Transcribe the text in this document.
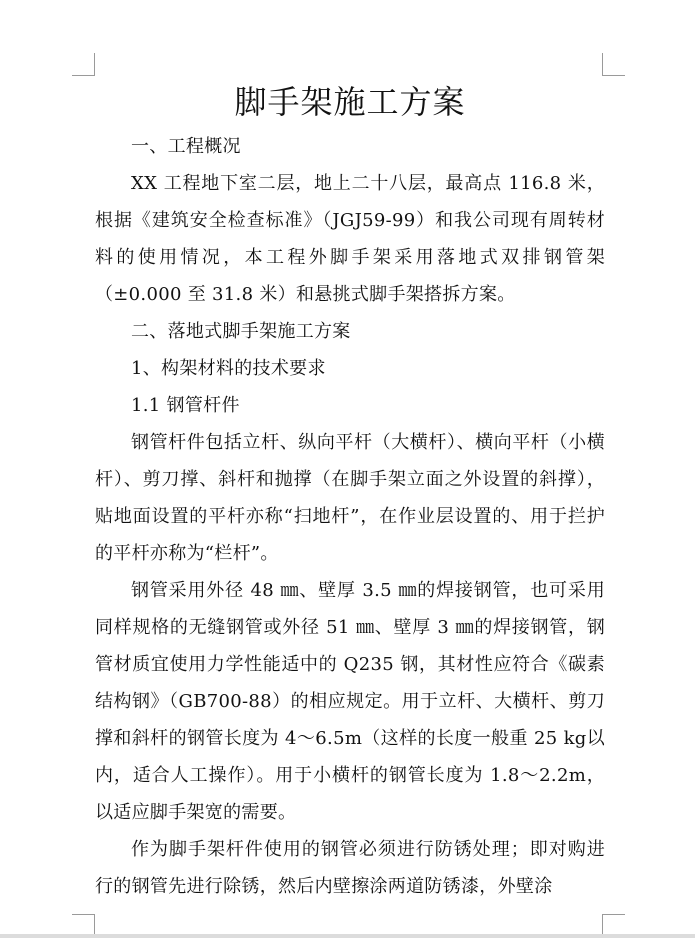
脚手架施工方案

一、工程概况

XX 工程地下室二层，地上二十八层，最高点 116.8 米，根据《建筑安全检查标准》（JGJ59-99）和我公司现有周转材料的使用情况，本工程外脚手架采用落地式双排钢管架（±0.000 至 31.8 米）和悬挑式脚手架搭拆方案。

二、落地式脚手架施工方案

1、构架材料的技术要求

1.1 钢管杆件

钢管杆件包括立杆、纵向平杆（大横杆）、横向平杆（小横杆）、剪刀撑、斜杆和抛撑（在脚手架立面之外设置的斜撑），贴地面设置的平杆亦称“扫地杆”，在作业层设置的、用于拦护的平杆亦称为“栏杆”。

钢管采用外径 48 ㎜、壁厚 3.5 ㎜的焊接钢管，也可采用同样规格的无缝钢管或外径 51 ㎜、壁厚 3 ㎜的焊接钢管，钢管材质宜使用力学性能适中的 Q235 钢，其材性应符合《碳素结构钢》（GB700-88）的相应规定。用于立杆、大横杆、剪刀撑和斜杆的钢管长度为 4～6.5m（这样的长度一般重 25 kg以内，适合人工操作）。用于小横杆的钢管长度为 1.8～2.2m，以适应脚手架宽的需要。

作为脚手架杆件使用的钢管必须进行防锈处理；即对购进行的钢管先进行除锈，然后内壁擦涂两道防锈漆，外壁涂
